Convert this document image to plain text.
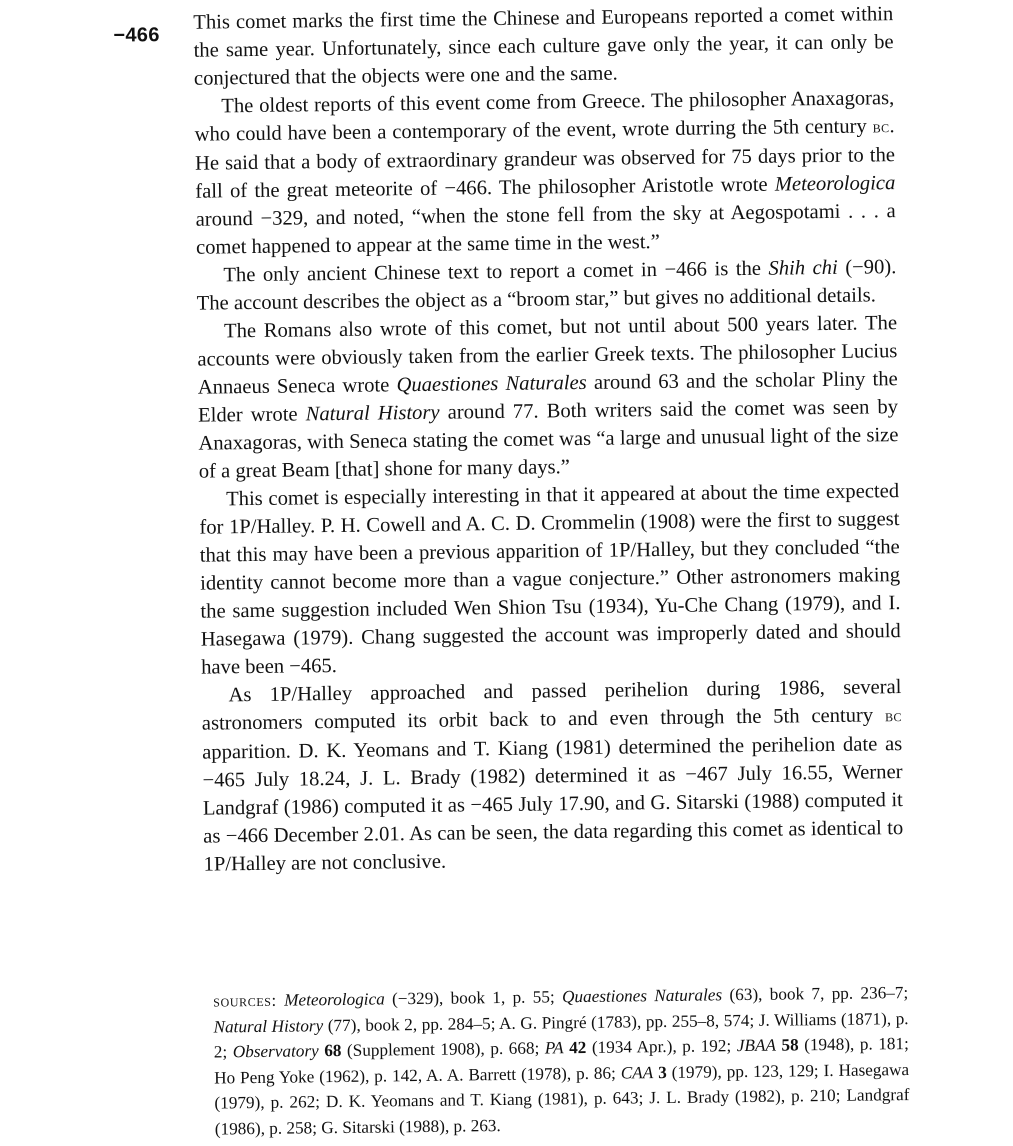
−466

This comet marks the first time the Chinese and Europeans reported a comet within the same year. Unfortunately, since each culture gave only the year, it can only be conjectured that the objects were one and the same.

The oldest reports of this event come from Greece. The philosopher Anaxagoras, who could have been a contemporary of the event, wrote durring the 5th century bc. He said that a body of extraordinary grandeur was observed for 75 days prior to the fall of the great meteorite of −466. The philosopher Aristotle wrote Meteorologica around −329, and noted, “when the stone fell from the sky at Aegospotami . . . a comet happened to appear at the same time in the west.”

The only ancient Chinese text to report a comet in −466 is the Shih chi (−90). The account describes the object as a “broom star,” but gives no additional details.

The Romans also wrote of this comet, but not until about 500 years later. The accounts were obviously taken from the earlier Greek texts. The philosopher Lucius Annaeus Seneca wrote Quaestiones Naturales around 63 and the scholar Pliny the Elder wrote Natural History around 77. Both writers said the comet was seen by Anaxagoras, with Seneca stating the comet was “a large and unusual light of the size of a great Beam [that] shone for many days.”

This comet is especially interesting in that it appeared at about the time expected for 1P/Halley. P. H. Cowell and A. C. D. Crommelin (1908) were the first to suggest that this may have been a previous apparition of 1P/Halley, but they concluded “the identity cannot become more than a vague conjecture.” Other astronomers making the same suggestion included Wen Shion Tsu (1934), Yu-Che Chang (1979), and I. Hasegawa (1979). Chang suggested the account was improperly dated and should have been −465.

As 1P/Halley approached and passed perihelion during 1986, several astronomers computed its orbit back to and even through the 5th century bc apparition. D. K. Yeomans and T. Kiang (1981) determined the perihelion date as −465 July 18.24, J. L. Brady (1982) determined it as −467 July 16.55, Werner Landgraf (1986) computed it as −465 July 17.90, and G. Sitarski (1988) computed it as −466 December 2.01. As can be seen, the data regarding this comet as identical to 1P/Halley are not conclusive.

sources: Meteorologica (−329), book 1, p. 55; Quaestiones Naturales (63), book 7, pp. 236–7; Natural History (77), book 2, pp. 284–5; A. G. Pingré (1783), pp. 255–8, 574; J. Williams (1871), p. 2; Observatory 68 (Supplement 1908), p. 668; PA 42 (1934 Apr.), p. 192; JBAA 58 (1948), p. 181; Ho Peng Yoke (1962), p. 142, A. A. Barrett (1978), p. 86; CAA 3 (1979), pp. 123, 129; I. Hasegawa (1979), p. 262; D. K. Yeomans and T. Kiang (1981), p. 643; J. L. Brady (1982), p. 210; Landgraf (1986), p. 258; G. Sitarski (1988), p. 263.
